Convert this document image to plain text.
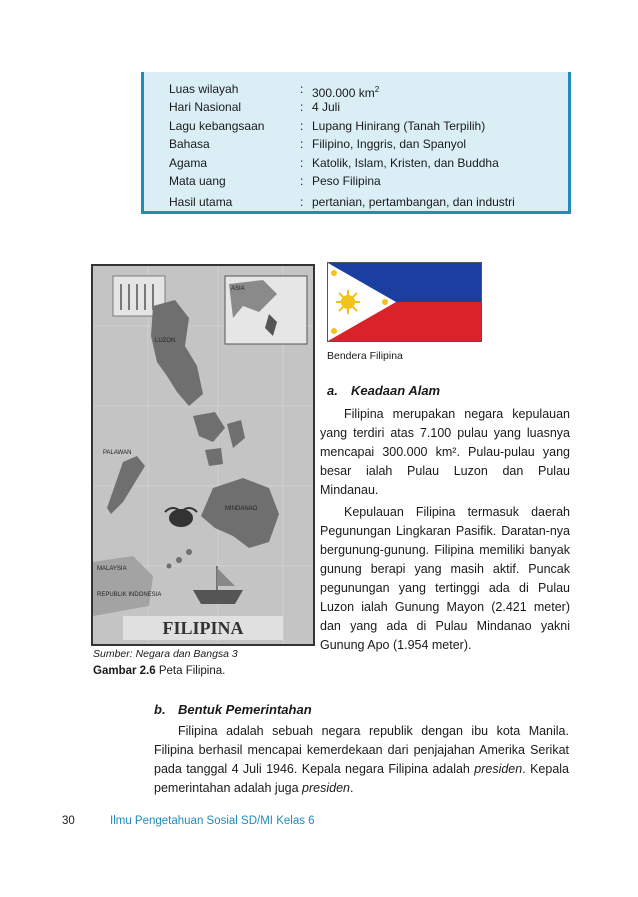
Luas wilayah	: 300.000 $km^2$
Hari Nasional	: 4 Juli
Lagu kebangsaan	: Lupang Hinirang (Tanah Terpilih)
Bahasa	: Filipino, Inggris, dan Spanyol
Agama	: Katolik, Islam, Kristen, dan Buddha
Mata uang	: Peso Filipina
Hasil utama	: pertanian, pertambangan, dan industri
FILIPINA
LUZON
MINDANAO
PALAWAN
MALAYSIA
REPUBLIK INDONESIA
ASIA
Bendera Filipina
a. Keadaan Alam
Filipina merupakan negara kepulauan yang terdiri atas 7.100 pulau yang luasnya mencapai 300.000 km². Pulau-pulau yang besar ialah Pulau Luzon dan Pulau Mindanau.
Kepulauan Filipina termasuk daerah Pegunungan Lingkaran Pasifik. Daratan-nya bergunung-gunung. Filipina memiliki banyak gunung berapi yang masih aktif. Puncak pegunungan yang tertinggi ada di Pulau Luzon ialah Gunung Mayon (2.421 meter) dan yang ada di Pulau Mindanao yakni Gunung Apo (1.954 meter).
Sumber: Negara dan Bangsa 3
Gambar 2.6 Peta Filipina.
b. Bentuk Pemerintahan
Filipina adalah sebuah negara republik dengan ibu kota Manila. Filipina berhasil mencapai kemerdekaan dari penjajahan Amerika Serikat pada tanggal 4 Juli 1946. Kepala negara Filipina adalah presiden. Kepala pemerintahan adalah juga presiden.
30	Ilmu Pengetahuan Sosial SD/MI Kelas 6
